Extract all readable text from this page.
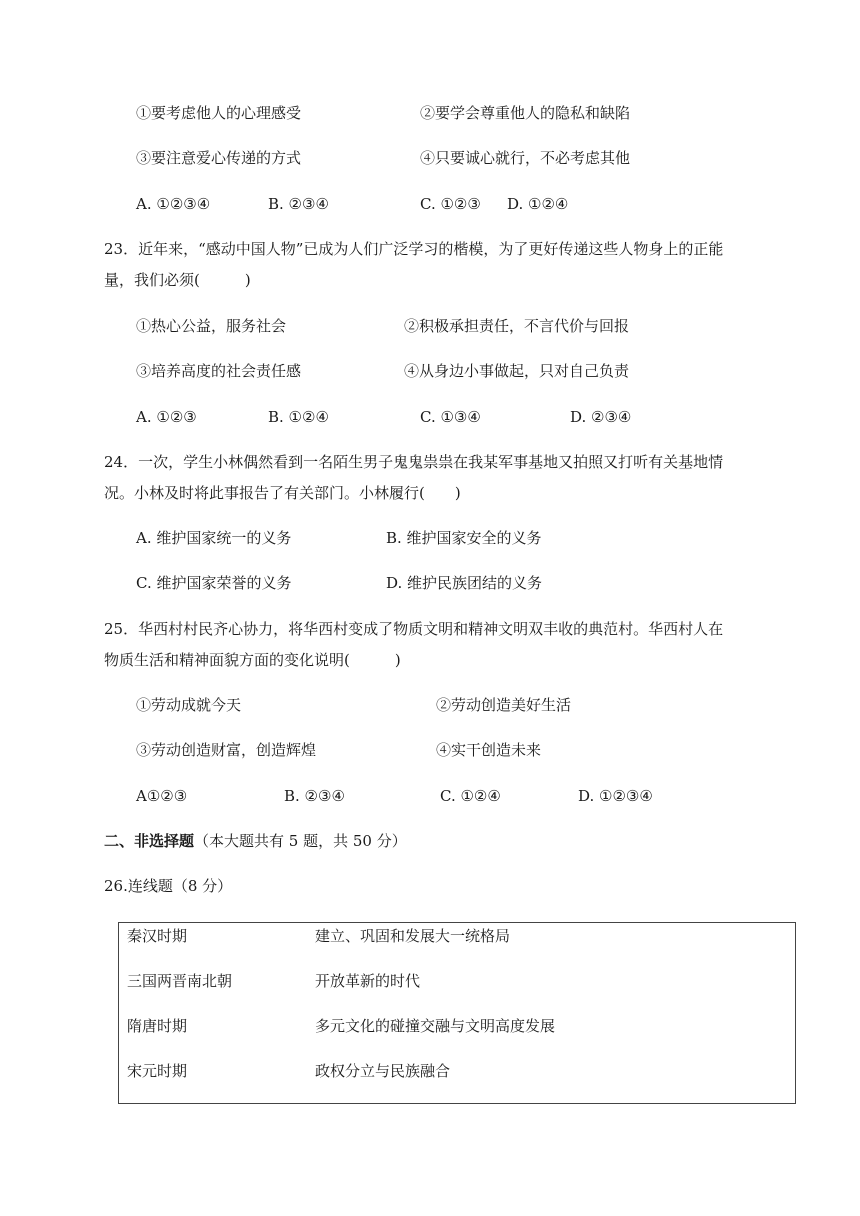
①要考虑他人的心理感受	②要学会尊重他人的隐私和缺陷
③要注意爱心传递的方式	④只要诚心就行，不必考虑其他
A. ①②③④	B. ②③④	C. ①②③ D. ①②④
23．近年来，“感动中国人物”已成为人们广泛学习的楷模，为了更好传递这些人物身上的正能
量，我们必须(　　　)
①热心公益，服务社会	②积极承担责任，不言代价与回报
③培养高度的社会责任感	④从身边小事做起，只对自己负责
A. ①②③	B. ①②④	C. ①③④	D. ②③④
24．一次，学生小林偶然看到一名陌生男子鬼鬼祟祟在我某军事基地又拍照又打听有关基地情
况。小林及时将此事报告了有关部门。小林履行(　　)
A. 维护国家统一的义务	B. 维护国家安全的义务
C. 维护国家荣誉的义务	D. 维护民族团结的义务
25．华西村村民齐心协力，将华西村变成了物质文明和精神文明双丰收的典范村。华西村人在
物质生活和精神面貌方面的变化说明(　　　)
①劳动成就今天	②劳动创造美好生活
③劳动创造财富，创造辉煌	④实干创造未来
A①②③	B. ②③④	C. ①②④	D. ①②③④
二、非选择题（本大题共有 5 题，共 50 分）
26.连线题（8 分）
秦汉时期	建立、巩固和发展大一统格局
三国两晋南北朝	开放革新的时代
隋唐时期	多元文化的碰撞交融与文明高度发展
宋元时期	政权分立与民族融合
